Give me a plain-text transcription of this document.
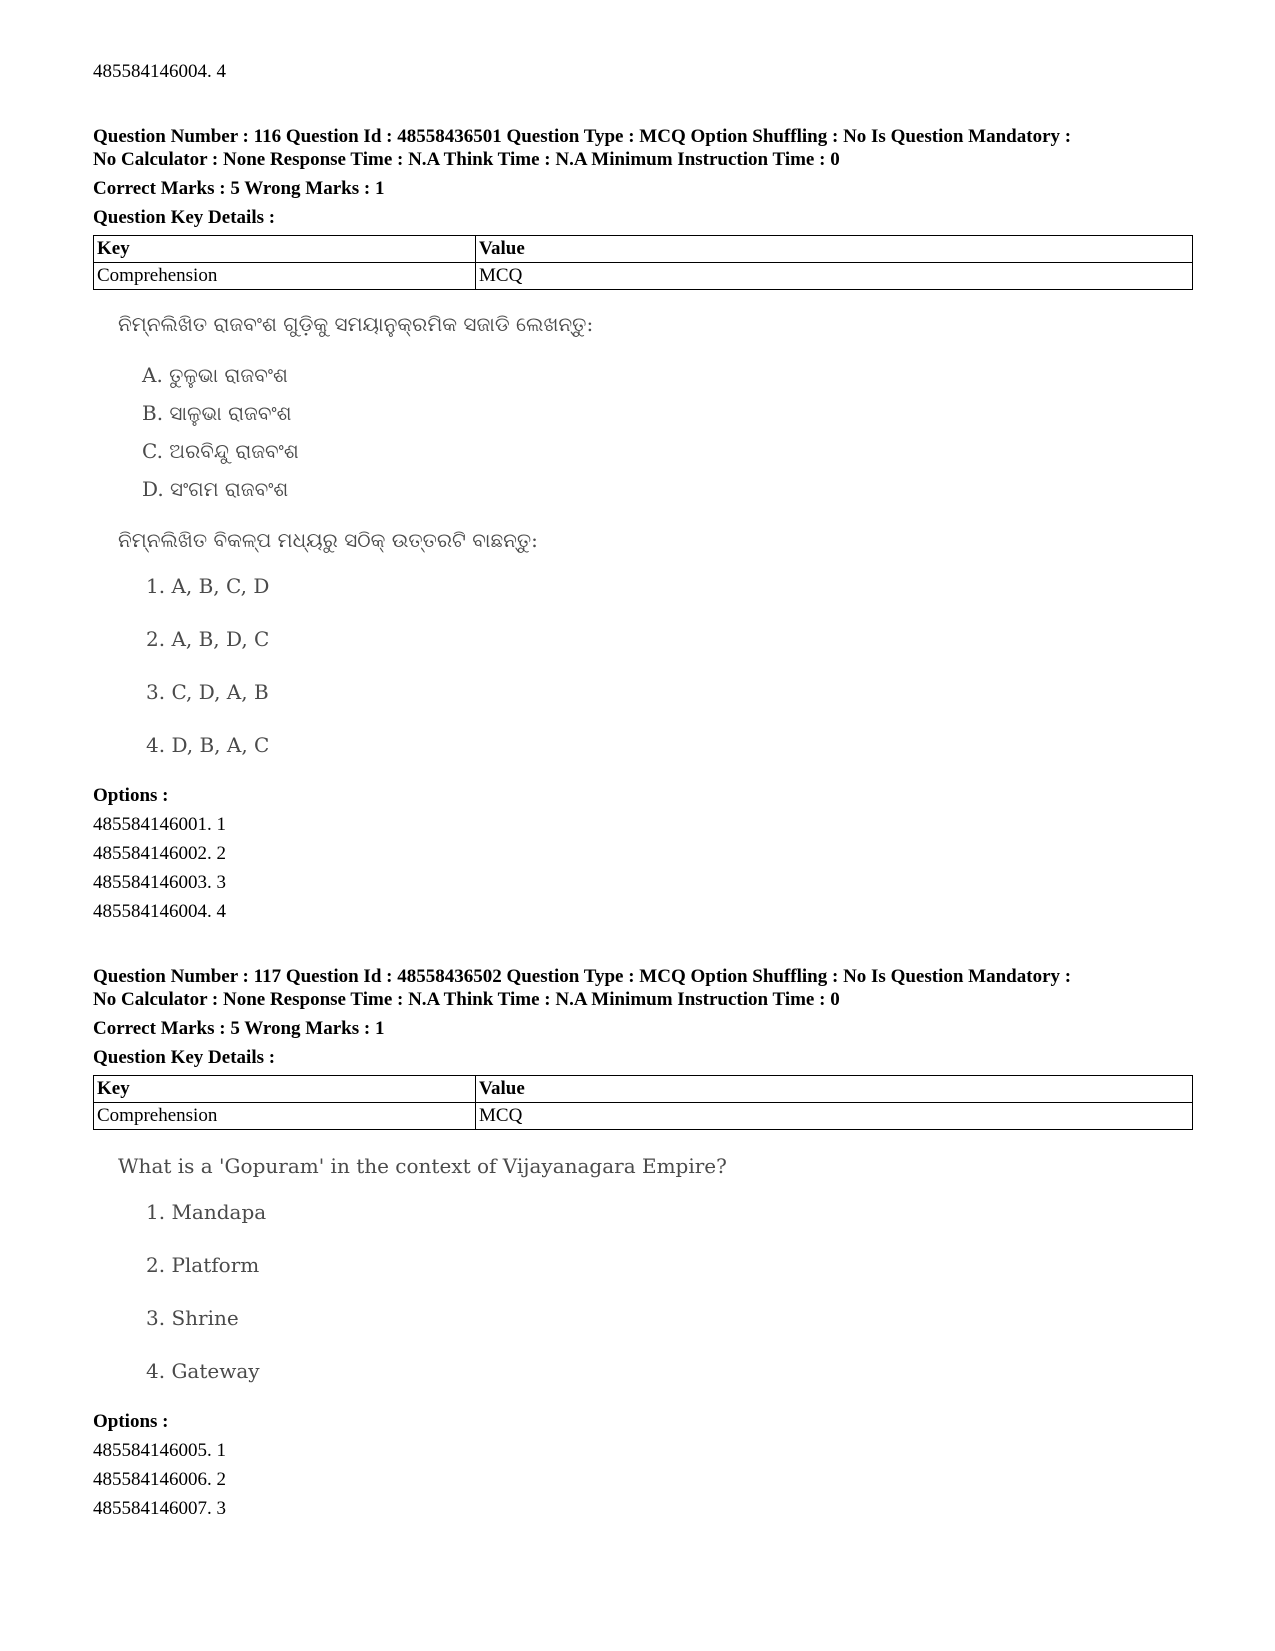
485584146004. 4
Question Number : 116 Question Id : 48558436501 Question Type : MCQ Option Shuffling : No Is Question Mandatory :
No Calculator : None Response Time : N.A Think Time : N.A Minimum Instruction Time : 0
Correct Marks : 5 Wrong Marks : 1
Question Key Details :
Key	Value
Comprehension	MCQ
ନିମ୍ନଲିଖିତ ରାଜବଂଶ ଗୁଡ଼ିକୁ ସମୟାନୁକ୍ରମିକ ସଜାଡି ଲେଖନ୍ତୁ:
A. ତୁଳୁଭା ରାଜବଂଶ
B. ସାଳୁଭା ରାଜବଂଶ
C. ଅରବିନ୍ଦୁ ରାଜବଂଶ
D. ସଂଗମ ରାଜବଂଶ
ନିମ୍ନଲିଖିତ ବିକଳ୍ପ ମଧ୍ୟରୁ ସଠିକ୍ ଉତ୍ତରଟି ବାଛନ୍ତୁ:
1. A, B, C, D
2. A, B, D, C
3. C, D, A, B
4. D, B, A, C
Options :
485584146001. 1
485584146002. 2
485584146003. 3
485584146004. 4
Question Number : 117 Question Id : 48558436502 Question Type : MCQ Option Shuffling : No Is Question Mandatory :
No Calculator : None Response Time : N.A Think Time : N.A Minimum Instruction Time : 0
Correct Marks : 5 Wrong Marks : 1
Question Key Details :
Key	Value
Comprehension	MCQ
What is a 'Gopuram' in the context of Vijayanagara Empire?
1. Mandapa
2. Platform
3. Shrine
4. Gateway
Options :
485584146005. 1
485584146006. 2
485584146007. 3
